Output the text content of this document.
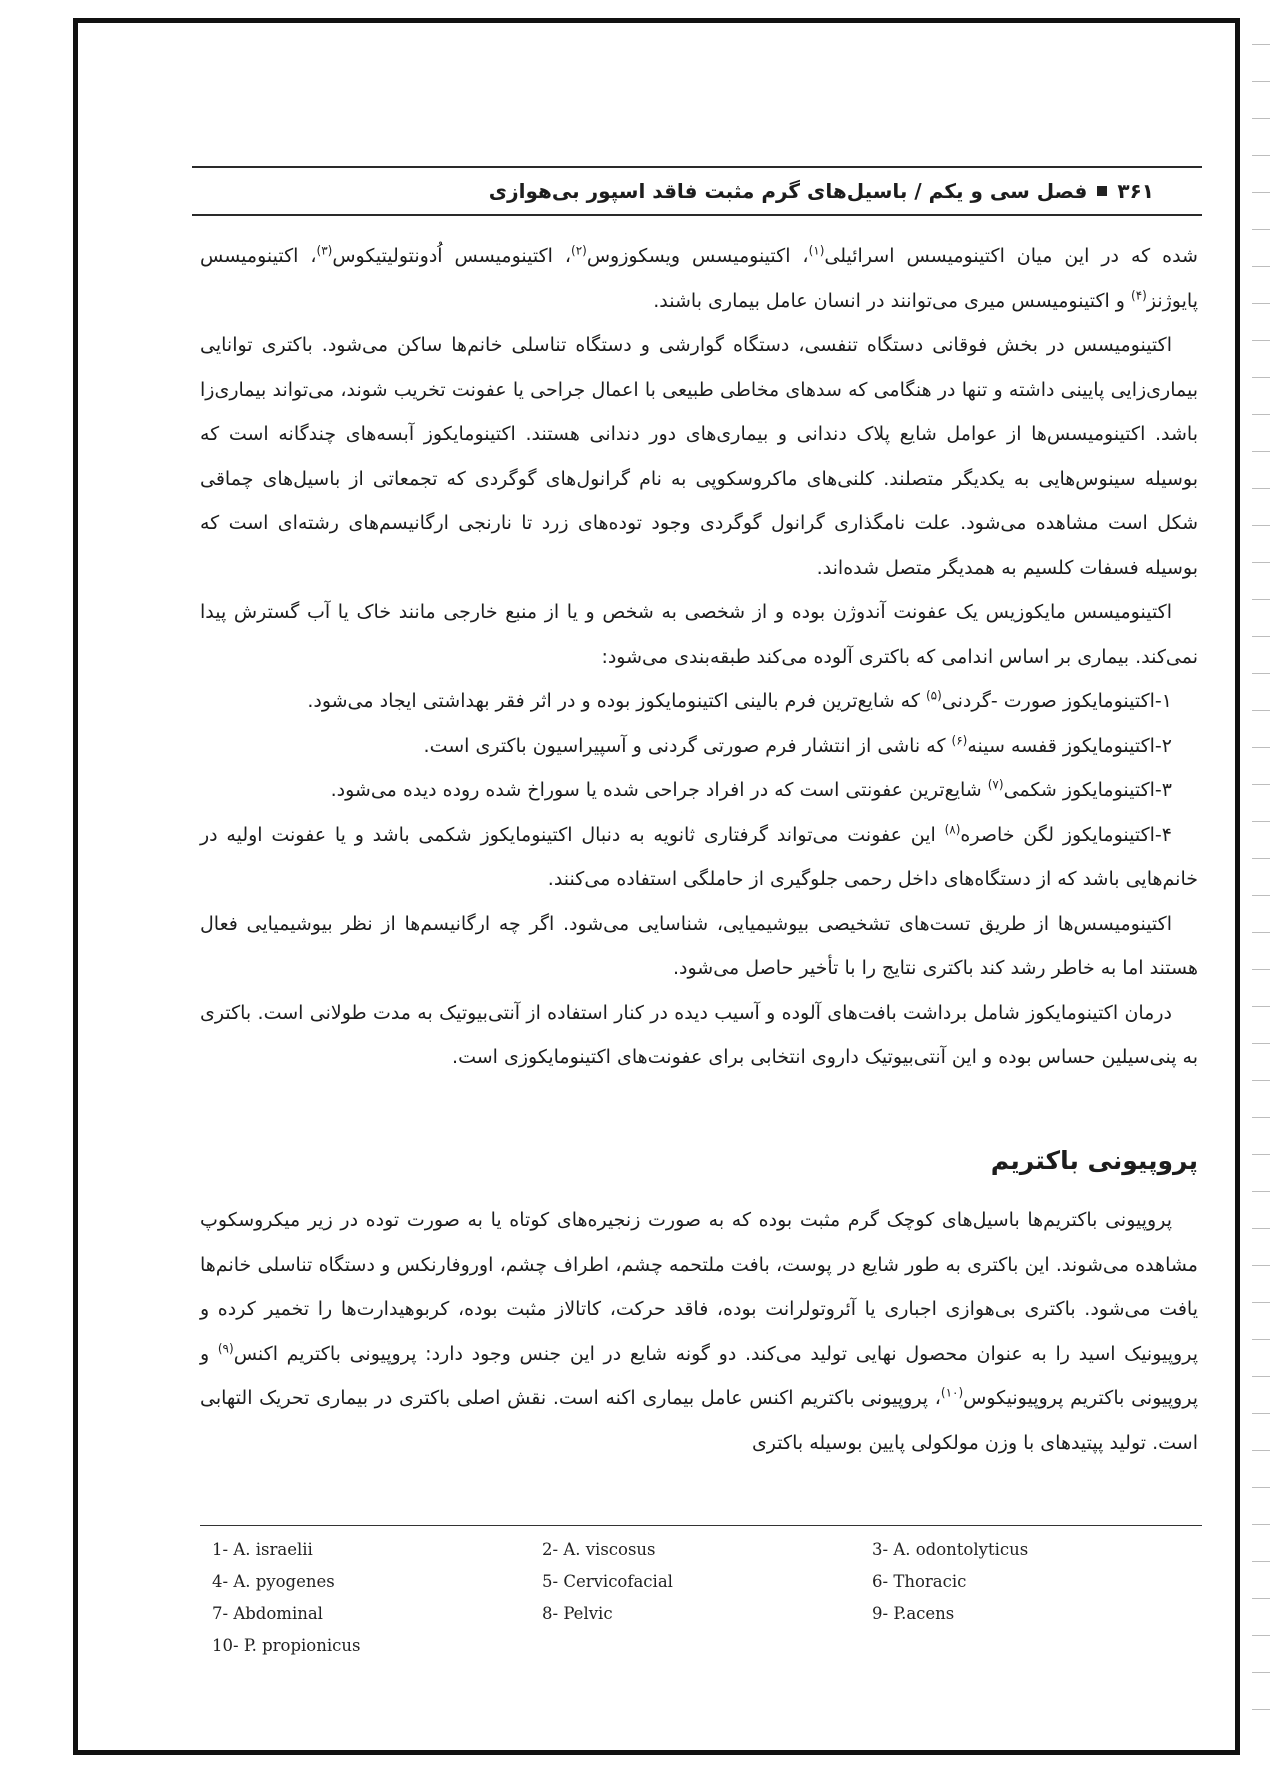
فصل سی و یکم / باسیل‌های گرم مثبت فاقد اسپور بی‌هوازی ۳۶۱

شده که در این میان اکتینومیسس اسرائیلی$^{(۱)}$، اکتینومیسس ویسکوزوس$^{(۲)}$، اکتینومیسس اُدونتولیتیکوس$^{(۳)}$، اکتینومیسس پایوژنز$^{(۴)}$ و اکتینومیسس میری می‌توانند در انسان عامل بیماری باشند.

اکتینومیسس در بخش فوقانی دستگاه تنفسی، دستگاه گوارشی و دستگاه تناسلی خانم‌ها ساکن می‌شود. باکتری توانایی بیماری‌زایی پایینی داشته و تنها در هنگامی که سدهای مخاطی طبیعی با اعمال جراحی یا عفونت تخریب شوند، می‌تواند بیماری‌زا باشد. اکتینومیسس‌ها از عوامل شایع پلاک دندانی و بیماری‌های دور دندانی هستند. اکتینومایکوز آبسه‌های چندگانه است که بوسیله سینوس‌هایی به یکدیگر متصلند. کلنی‌های ماکروسکوپی به نام گرانول‌های گوگردی که تجمعاتی از باسیل‌های چماقی شکل است مشاهده می‌شود. علت نامگذاری گرانول گوگردی وجود توده‌های زرد تا نارنجی ارگانیسم‌های رشته‌ای است که بوسیله فسفات کلسیم به همدیگر متصل شده‌اند.

اکتینومیسس مایکوزیس یک عفونت آندوژن بوده و از شخصی به شخص و یا از منبع خارجی مانند خاک یا آب گسترش پیدا نمی‌کند. بیماری بر اساس اندامی که باکتری آلوده می‌کند طبقه‌بندی می‌شود:

۱-اکتینومایکوز صورت -گردنی$^{(۵)}$ که شایع‌ترین فرم بالینی اکتینومایکوز بوده و در اثر فقر بهداشتی ایجاد می‌شود.

۲-اکتینومایکوز قفسه سینه$^{(۶)}$ که ناشی از انتشار فرم صورتی گردنی و آسپیراسیون باکتری است.

۳-اکتینومایکوز شکمی$^{(۷)}$ شایع‌ترین عفونتی است که در افراد جراحی شده یا سوراخ شده روده دیده می‌شود.

۴-اکتینومایکوز لگن خاصره$^{(۸)}$ این عفونت می‌تواند گرفتاری ثانویه به دنبال اکتینومایکوز شکمی باشد و یا عفونت اولیه در خانم‌هایی باشد که از دستگاه‌های داخل رحمی جلوگیری از حاملگی استفاده می‌کنند.

اکتینومیسس‌ها از طریق تست‌های تشخیصی بیوشیمیایی، شناسایی می‌شود. اگر چه ارگانیسم‌ها از نظر بیوشیمیایی فعال هستند اما به خاطر رشد کند باکتری نتایج را با تأخیر حاصل می‌شود.

درمان اکتینومایکوز شامل برداشت بافت‌های آلوده و آسیب دیده در کنار استفاده از آنتی‌بیوتیک به مدت طولانی است. باکتری به پنی‌سیلین حساس بوده و این آنتی‌بیوتیک داروی انتخابی برای عفونت‌های اکتینومایکوزی است.

پروپیونی باکتریم

پروپیونی باکتریم‌ها باسیل‌های کوچک گرم مثبت بوده که به صورت زنجیره‌های کوتاه یا به صورت توده در زیر میکروسکوپ مشاهده می‌شوند. این باکتری به طور شایع در پوست، بافت ملتحمه چشم، اطراف چشم، اوروفارنکس و دستگاه تناسلی خانم‌ها یافت می‌شود. باکتری بی‌هوازی اجباری یا آئروتولرانت بوده، فاقد حرکت، کاتالاز مثبت بوده، کربوهیدارت‌ها را تخمیر کرده و پروپیونیک اسید را به عنوان محصول نهایی تولید می‌کند. دو گونه شایع در این جنس وجود دارد: پروپیونی باکتریم اکنس$^{(۹)}$ و پروپیونی باکتریم پروپیونیکوس$^{(۱۰)}$، پروپیونی باکتریم اکنس عامل بیماری اکنه است. نقش اصلی باکتری در بیماری تحریک التهابی است. تولید پپتیدهای با وزن مولکولی پایین بوسیله باکتری

1- A. israelii	2- A. viscosus	3- A. odontolyticus
4- A. pyogenes	5- Cervicofacial	6- Thoracic
7- Abdominal	8- Pelvic	9- P.acens
10- P. propionicus
